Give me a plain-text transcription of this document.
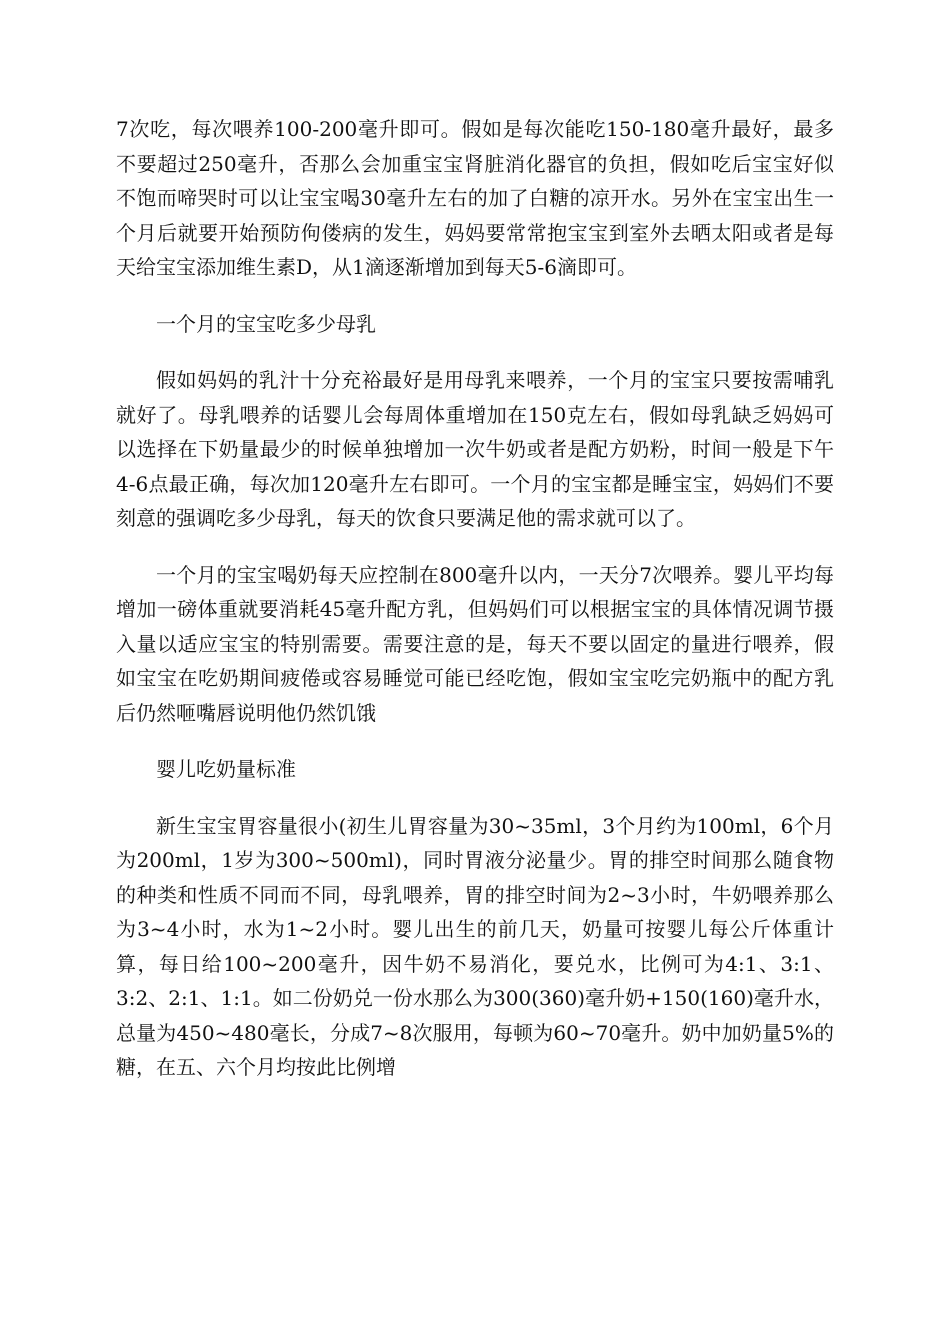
7次吃，每次喂养100-200毫升即可。假如是每次能吃150-180毫升最好，最多不要超过250毫升，否那么会加重宝宝肾脏消化器官的负担，假如吃后宝宝好似不饱而啼哭时可以让宝宝喝30毫升左右的加了白糖的凉开水。另外在宝宝出生一个月后就要开始预防佝偻病的发生，妈妈要常常抱宝宝到室外去晒太阳或者是每天给宝宝添加维生素D，从1滴逐渐增加到每天5-6滴即可。

一个月的宝宝吃多少母乳

假如妈妈的乳汁十分充裕最好是用母乳来喂养，一个月的宝宝只要按需哺乳就好了。母乳喂养的话婴儿会每周体重增加在150克左右，假如母乳缺乏妈妈可以选择在下奶量最少的时候单独增加一次牛奶或者是配方奶粉，时间一般是下午4-6点最正确，每次加120毫升左右即可。一个月的宝宝都是睡宝宝，妈妈们不要刻意的强调吃多少母乳，每天的饮食只要满足他的需求就可以了。

一个月的宝宝喝奶每天应控制在800毫升以内，一天分7次喂养。婴儿平均每增加一磅体重就要消耗45毫升配方乳，但妈妈们可以根据宝宝的具体情况调节摄入量以适应宝宝的特别需要。需要注意的是，每天不要以固定的量进行喂养，假如宝宝在吃奶期间疲倦或容易睡觉可能已经吃饱，假如宝宝吃完奶瓶中的配方乳后仍然咂嘴唇说明他仍然饥饿

婴儿吃奶量标准

新生宝宝胃容量很小(初生儿胃容量为30~35ml，3个月约为100ml，6个月为200ml，1岁为300~500ml)，同时胃液分泌量少。胃的排空时间那么随食物的种类和性质不同而不同，母乳喂养，胃的排空时间为2~3小时，牛奶喂养那么为3~4小时，水为1~2小时。婴儿出生的前几天，奶量可按婴儿每公斤体重计算，每日给100~200毫升，因牛奶不易消化，要兑水，比例可为4:1、3:1、3:2、2:1、1:1。如二份奶兑一份水那么为300(360)毫升奶+150(160)毫升水，总量为450~480毫长，分成7~8次服用，每顿为60~70毫升。奶中加奶量5%的糖，在五、六个月均按此比例增
